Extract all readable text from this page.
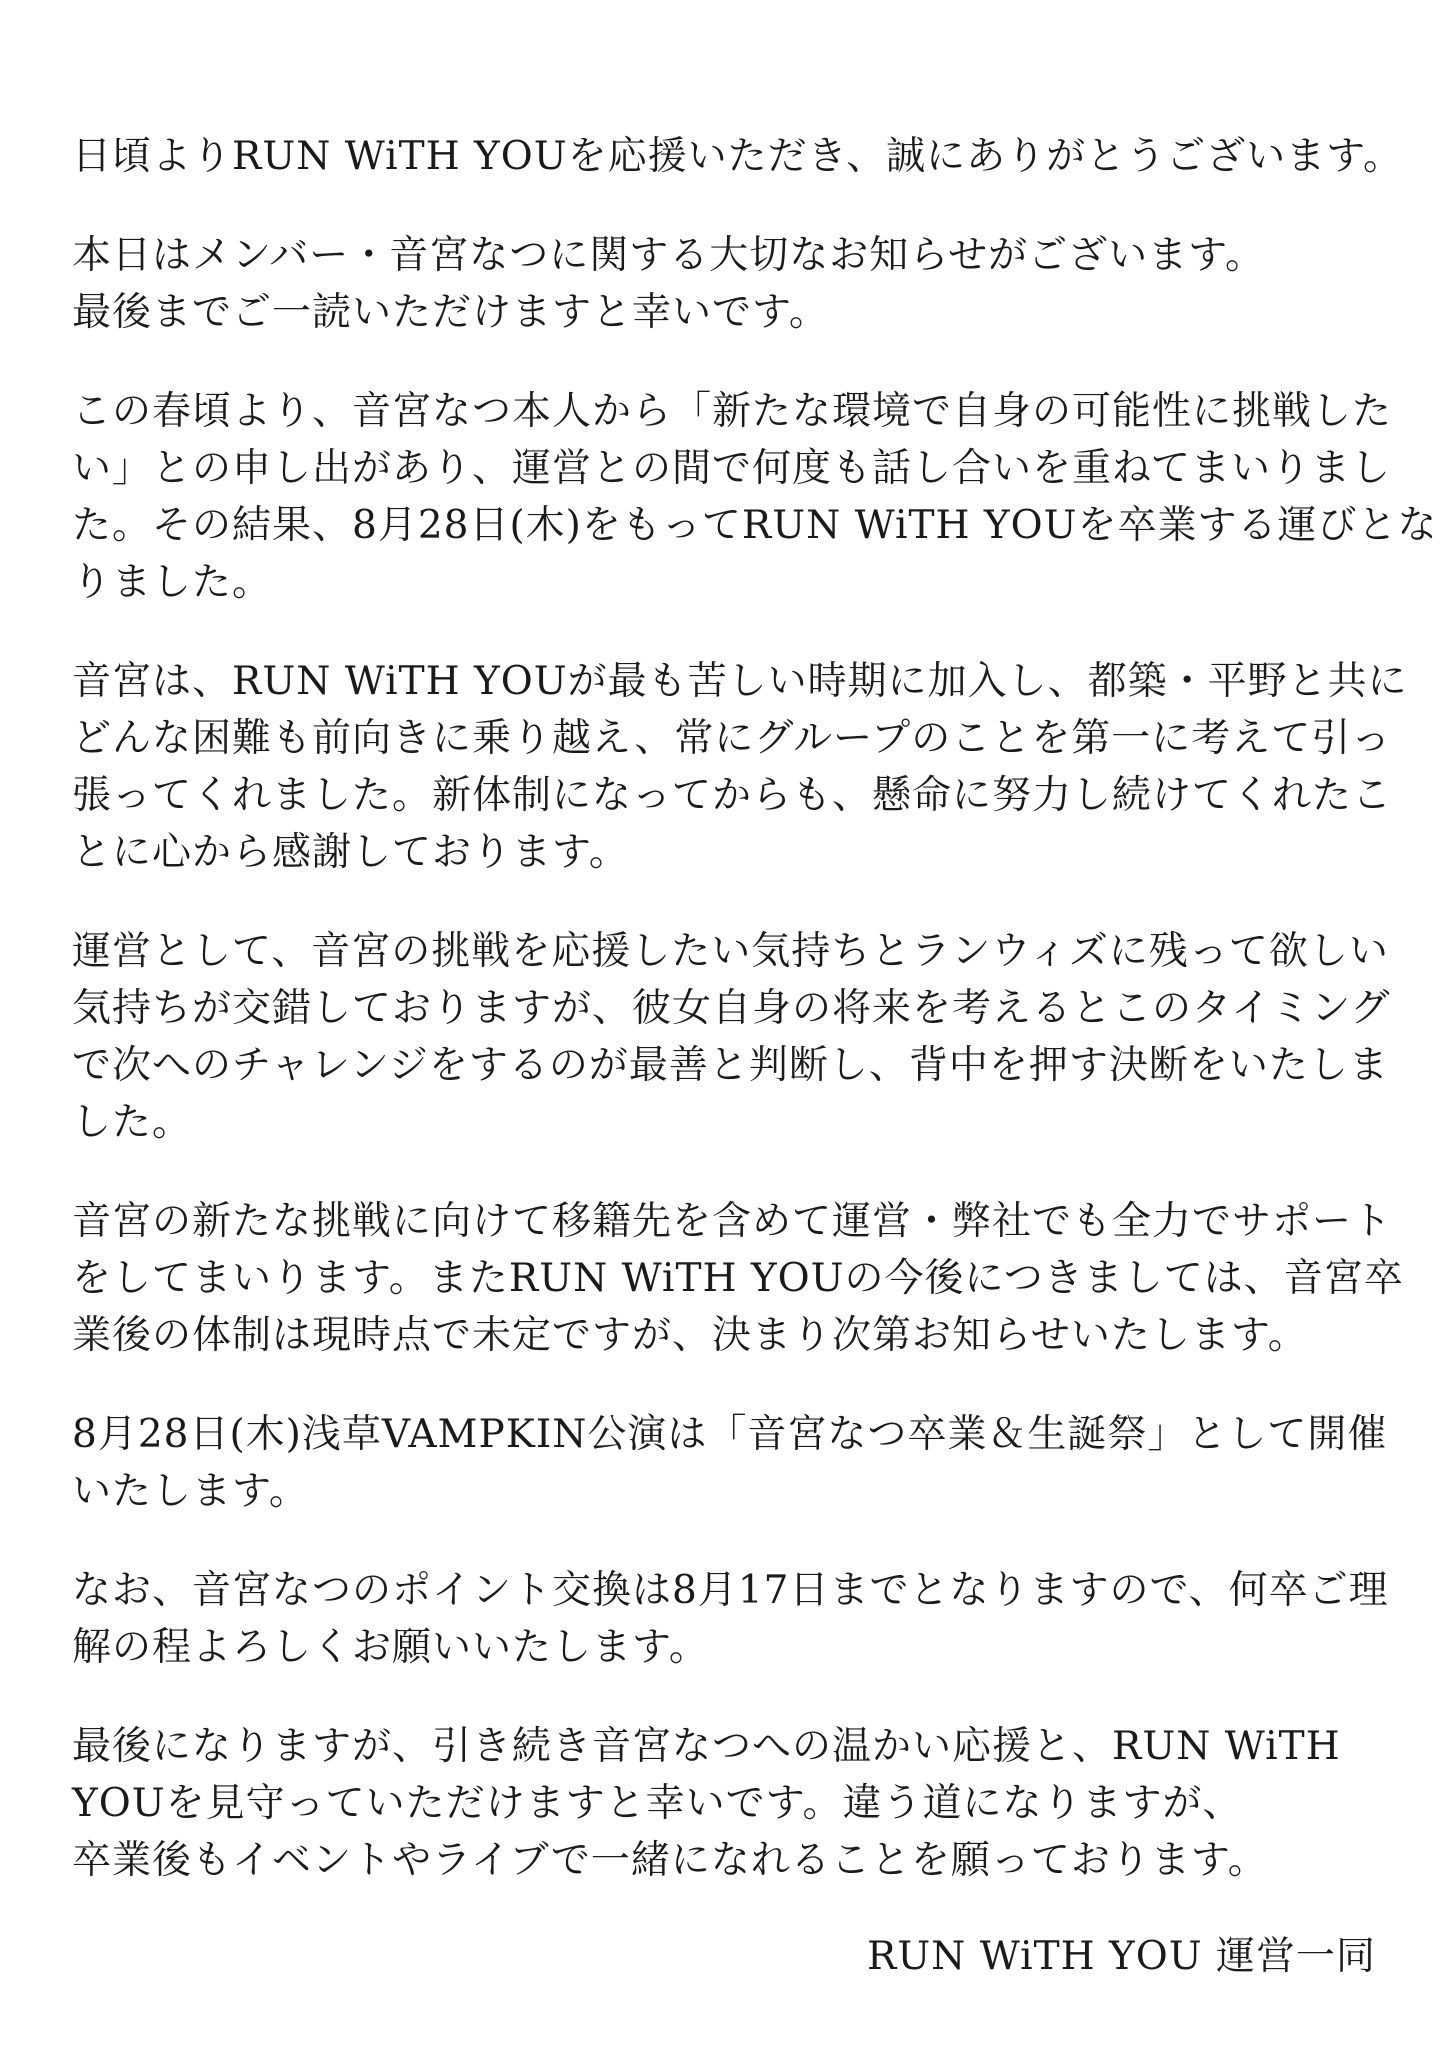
日頃よりRUN WiTH YOUを応援いただき、誠にありがとうございます。

本日はメンバー・音宮なつに関する大切なお知らせがございます。
最後までご一読いただけますと幸いです。

この春頃より、音宮なつ本人から「新たな環境で自身の可能性に挑戦した
い」との申し出があり、運営との間で何度も話し合いを重ねてまいりまし
た。その結果、8月28日(木)をもってRUN WiTH YOUを卒業する運びとな
りました。

音宮は、RUN WiTH YOUが最も苦しい時期に加入し、都築・平野と共に
どんな困難も前向きに乗り越え、常にグループのことを第一に考えて引っ
張ってくれました。新体制になってからも、懸命に努力し続けてくれたこ
とに心から感謝しております。

運営として、音宮の挑戦を応援したい気持ちとランウィズに残って欲しい
気持ちが交錯しておりますが、彼女自身の将来を考えるとこのタイミング
で次へのチャレンジをするのが最善と判断し、背中を押す決断をいたしま
した。

音宮の新たな挑戦に向けて移籍先を含めて運営・弊社でも全力でサポート
をしてまいります。またRUN WiTH YOUの今後につきましては、音宮卒
業後の体制は現時点で未定ですが、決まり次第お知らせいたします。

8月28日(木)浅草VAMPKIN公演は「音宮なつ卒業＆生誕祭」として開催
いたします。

なお、音宮なつのポイント交換は8月17日までとなりますので、何卒ご理
解の程よろしくお願いいたします。

最後になりますが、引き続き音宮なつへの温かい応援と、RUN WiTH
YOUを見守っていただけますと幸いです。違う道になりますが、
卒業後もイベントやライブで一緒になれることを願っております。

RUN WiTH YOU 運営一同
